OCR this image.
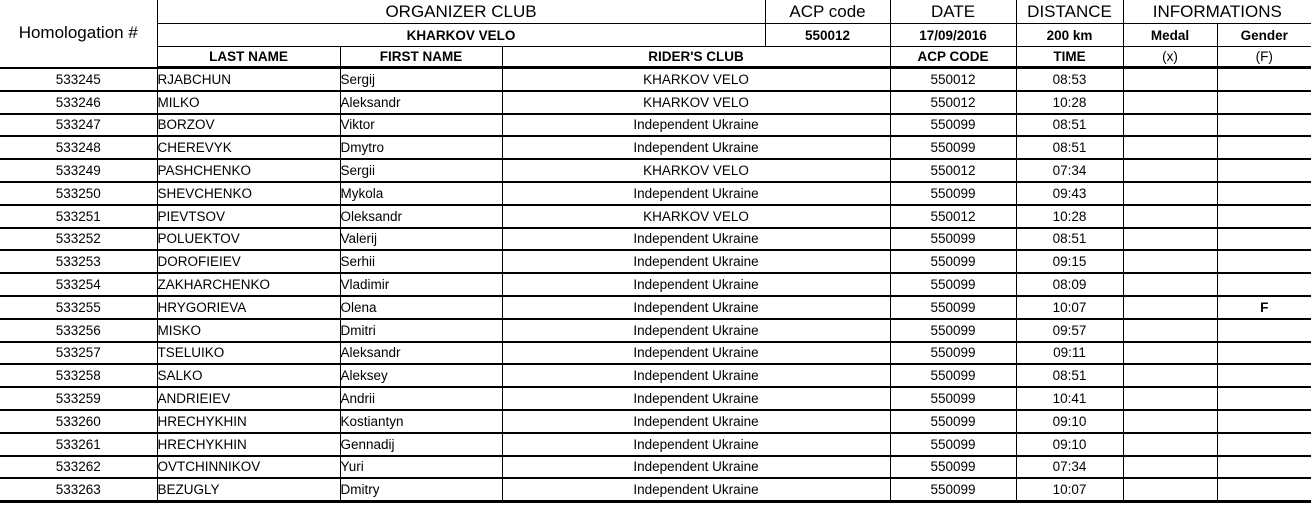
Homologation #	ORGANIZER CLUB			ACP code	DATE	DISTANCE	INFORMATIONS	
	KHARKOV VELO			550012	17/09/2016	200 km	Medal	Gender
	LAST NAME	FIRST NAME	RIDER'S CLUB		ACP CODE	TIME	(x)	(F)
533245	RJABCHUN	Sergij	KHARKOV VELO		550012	08:53		
533246	MILKO	Aleksandr	KHARKOV VELO		550012	10:28		
533247	BORZOV	Viktor	Independent Ukraine		550099	08:51		
533248	CHEREVYK	Dmytro	Independent Ukraine		550099	08:51		
533249	PASHCHENKO	Sergii	KHARKOV VELO		550012	07:34		
533250	SHEVCHENKO	Mykola	Independent Ukraine		550099	09:43		
533251	PIEVTSOV	Oleksandr	KHARKOV VELO		550012	10:28		
533252	POLUEKTOV	Valerij	Independent Ukraine		550099	08:51		
533253	DOROFIEIEV	Serhii	Independent Ukraine		550099	09:15		
533254	ZAKHARCHENKO	Vladimir	Independent Ukraine		550099	08:09		
533255	HRYGORIEVA	Olena	Independent Ukraine		550099	10:07		F
533256	MISKO	Dmitri	Independent Ukraine		550099	09:57		
533257	TSELUIKO	Aleksandr	Independent Ukraine		550099	09:11		
533258	SALKO	Aleksey	Independent Ukraine		550099	08:51		
533259	ANDRIEIEV	Andrii	Independent Ukraine		550099	10:41		
533260	HRECHYKHIN	Kostiantyn	Independent Ukraine		550099	09:10		
533261	HRECHYKHIN	Gennadij	Independent Ukraine		550099	09:10		
533262	OVTCHINNIKOV	Yuri	Independent Ukraine		550099	07:34		
533263	BEZUGLY	Dmitry	Independent Ukraine		550099	10:07		
